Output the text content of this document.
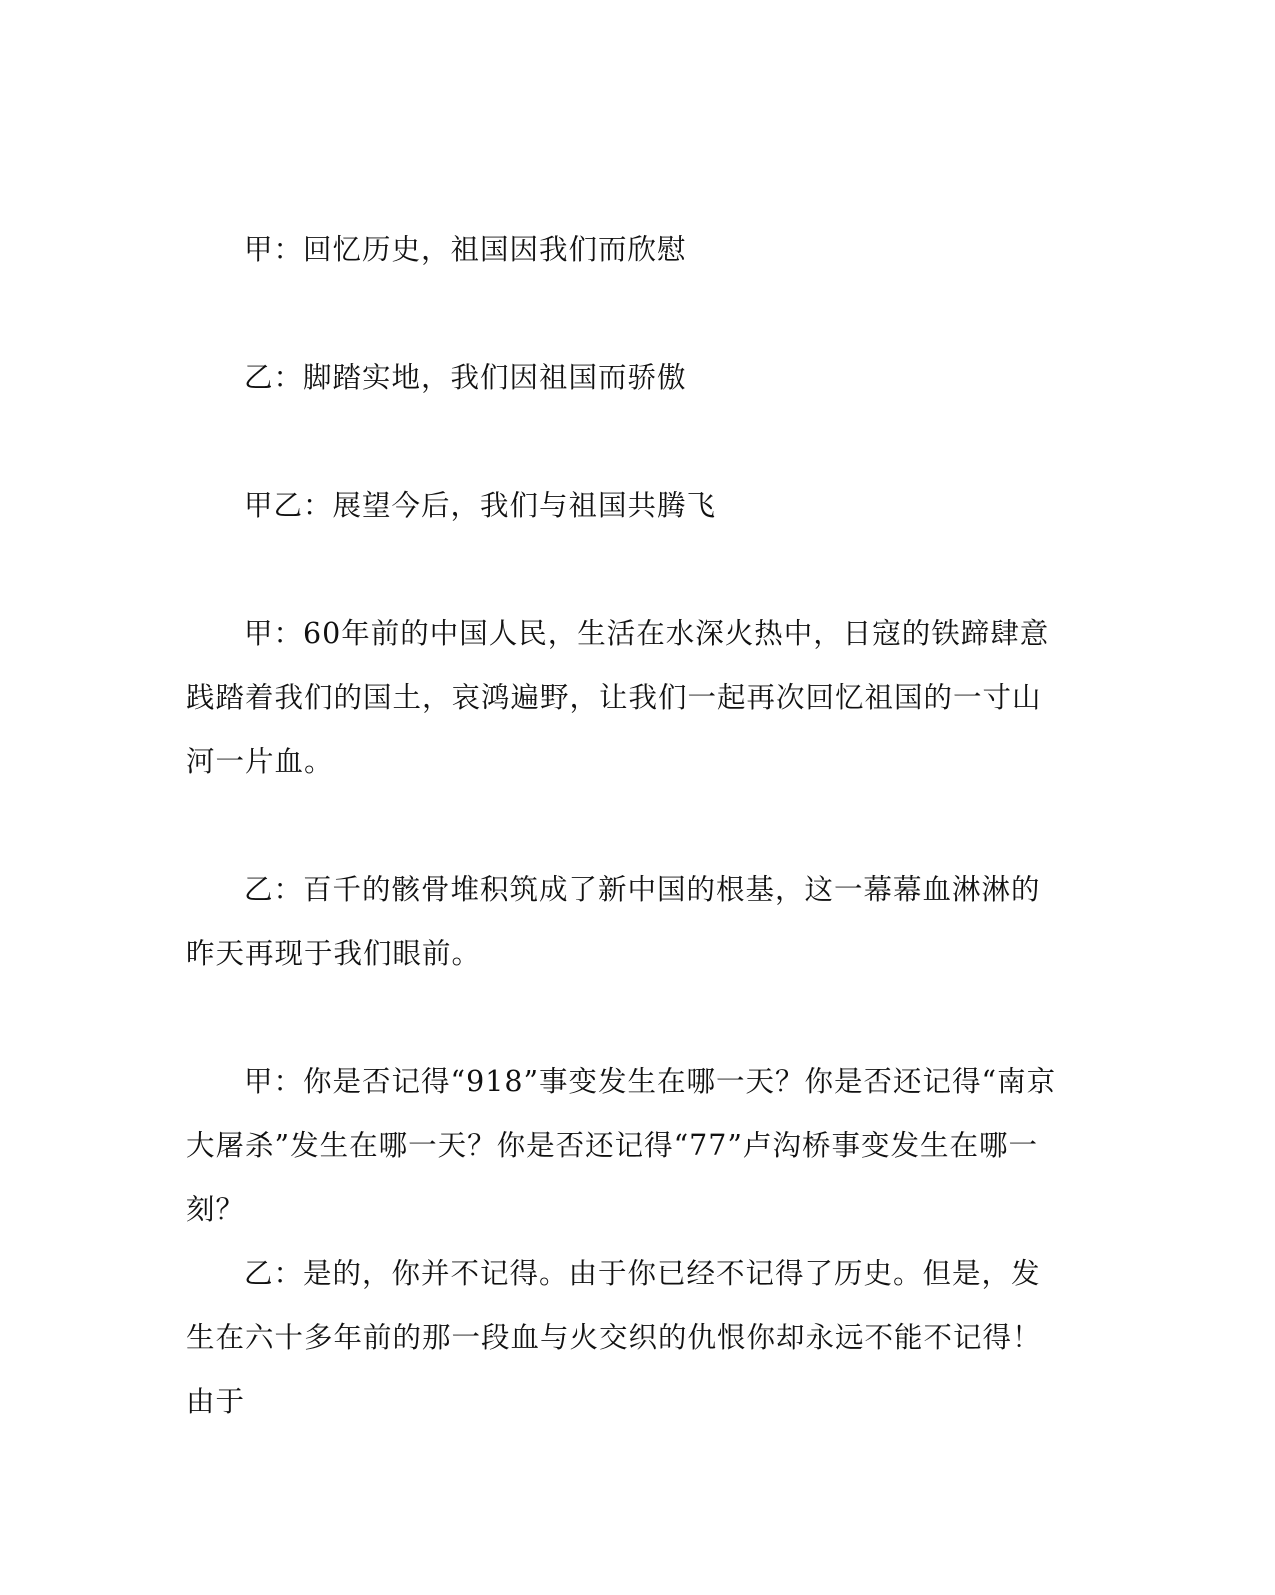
甲：回忆历史，祖国因我们而欣慰

乙：脚踏实地，我们因祖国而骄傲

甲乙：展望今后，我们与祖国共腾飞

甲：60年前的中国人民，生活在水深火热中，日寇的铁蹄肆意践踏着我们的国土，哀鸿遍野，让我们一起再次回忆祖国的一寸山河一片血。

乙：百千的骸骨堆积筑成了新中国的根基，这一幕幕血淋淋的昨天再现于我们眼前。

甲：你是否记得“918”事变发生在哪一天？你是否还记得“南京大屠杀”发生在哪一天？你是否还记得“77”卢沟桥事变发生在哪一刻？

乙：是的，你并不记得。由于你已经不记得了历史。但是，发生在六十多年前的那一段血与火交织的仇恨你却永远不能不记得！由于
